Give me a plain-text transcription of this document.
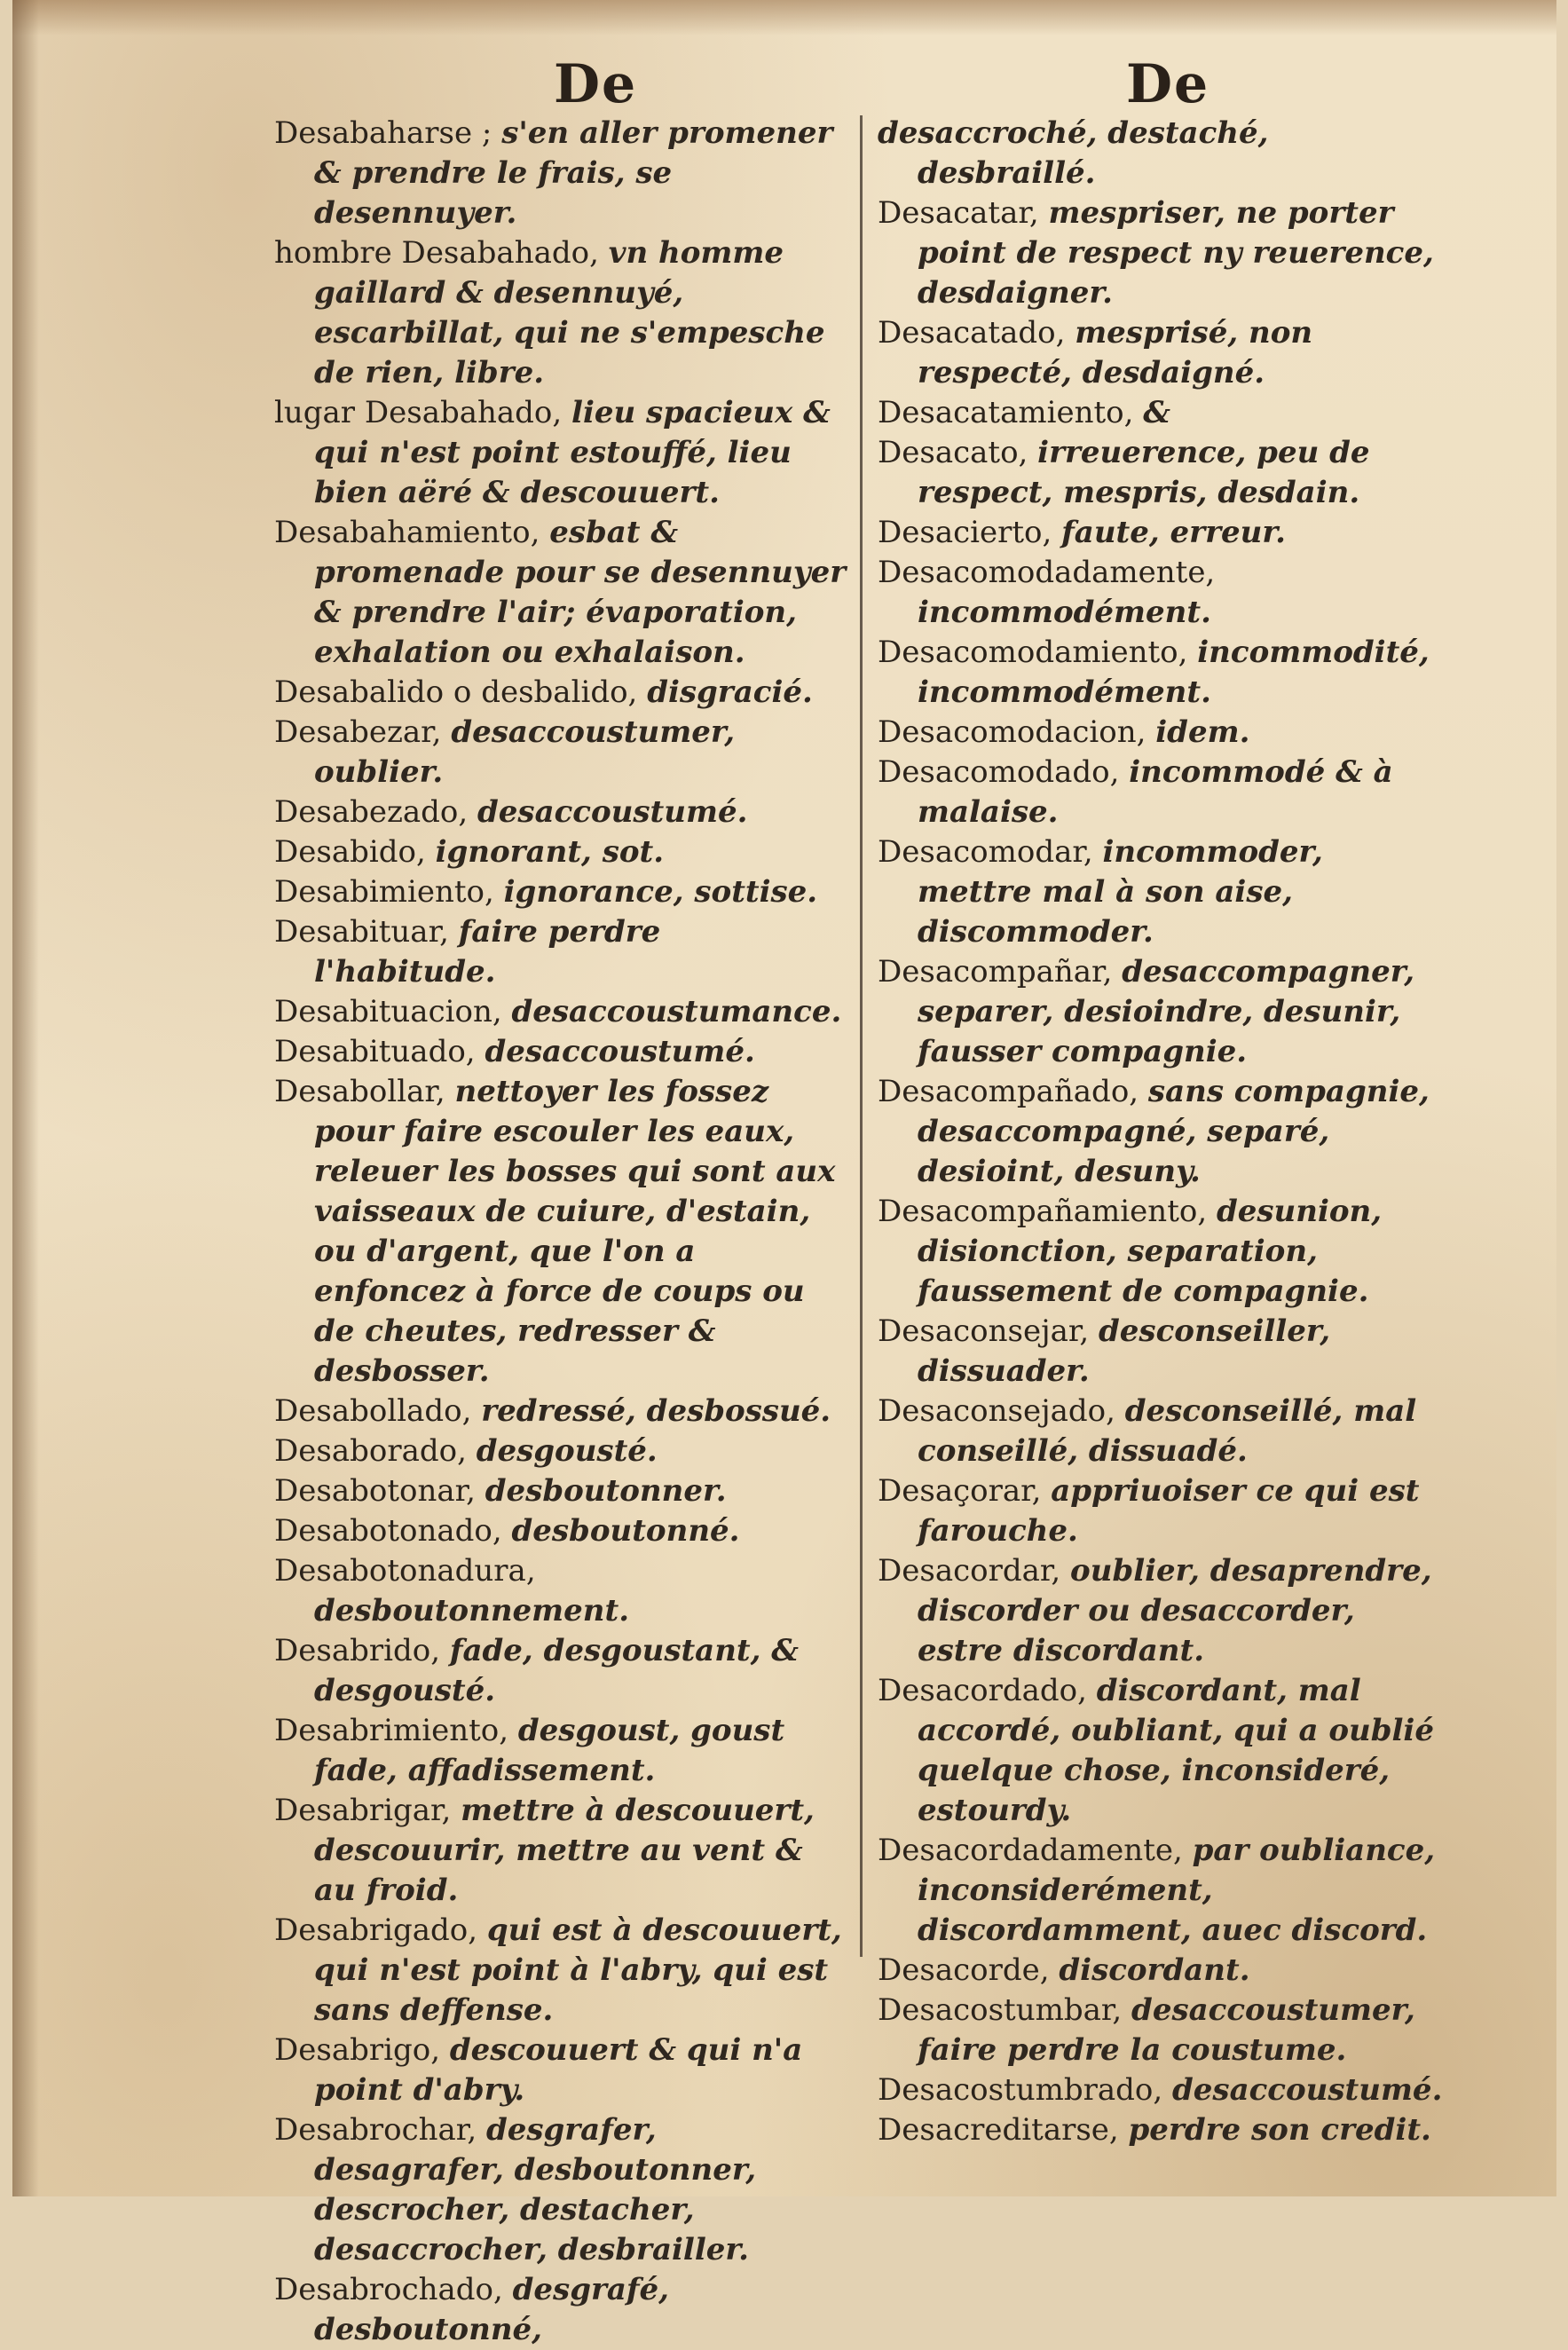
De	De

Desabaharse ; s'en aller promener & prendre le frais, se desennuyer.

hombre Desabahado, vn homme gaillard & desennuyé, escarbillat, qui ne s'empesche de rien, libre.

lugar Desabahado, lieu spacieux & qui n'est point estouffé, lieu bien aëré & descouuert.

Desabahamiento, esbat & promenade pour se desennuyer & prendre l'air; évaporation, exhalation ou exhalaison.

Desabalido o desbalido, disgracié.

Desabezar, desaccoustumer, oublier.

Desabezado, desaccoustumé.

Desabido, ignorant, sot.

Desabimiento, ignorance, sottise.

Desabituar, faire perdre l'habitude.

Desabituacion, desaccoustumance.

Desabituado, desaccoustumé.

Desabollar, nettoyer les fossez pour faire escouler les eaux, releuer les bosses qui sont aux vaisseaux de cuiure, d'estain, ou d'argent, que l'on a enfoncez à force de coups ou de cheutes, redresser & desbosser.

Desabollado, redressé, desbossué.

Desaborado, desgousté.

Desabotonar, desboutonner.

Desabotonado, desboutonné.

Desabotonadura, desboutonnement.

Desabrido, fade, desgoustant, & desgousté.

Desabrimiento, desgoust, goust fade, affadissement.

Desabrigar, mettre à descouuert, descouurir, mettre au vent & au froid.

Desabrigado, qui est à descouuert, qui n'est point à l'abry, qui est sans deffense.

Desabrigo, descouuert & qui n'a point d'abry.

Desabrochar, desgrafer, desagrafer, desboutonner, descrocher, destacher, desaccrocher, desbrailler.

Desabrochado, desgrafé, desboutonné,

desaccroché, destaché, desbraillé.

Desacatar, mespriser, ne porter point de respect ny reuerence, desdaigner.

Desacatado, mesprisé, non respecté, desdaigné.

Desacatamiento, &

Desacato, irreuerence, peu de respect, mespris, desdain.

Desacierto, faute, erreur.

Desacomodadamente, incommodément.

Desacomodamiento, incommodité, incommodément.

Desacomodacion, idem.

Desacomodado, incommodé & à malaise.

Desacomodar, incommoder, mettre mal à son aise, discommoder.

Desacompañar, desaccompagner, separer, desioindre, desunir, fausser compagnie.

Desacompañado, sans compagnie, desaccompagné, separé, desioint, desuny.

Desacompañamiento, desunion, disionction, separation, faussement de compagnie.

Desaconsejar, desconseiller, dissuader.

Desaconsejado, desconseillé, mal conseillé, dissuadé.

Desaçorar, appriuoiser ce qui est farouche.

Desacordar, oublier, desaprendre, discorder ou desaccorder, estre discordant.

Desacordado, discordant, mal accordé, oubliant, qui a oublié quelque chose, inconsideré, estourdy.

Desacordadamente, par oubliance, inconsiderément, discordamment, auec discord.

Desacorde, discordant.

Desacostumbar, desaccoustumer, faire perdre la coustume.

Desacostumbrado, desaccoustumé.

Desacreditarse, perdre son credit.
